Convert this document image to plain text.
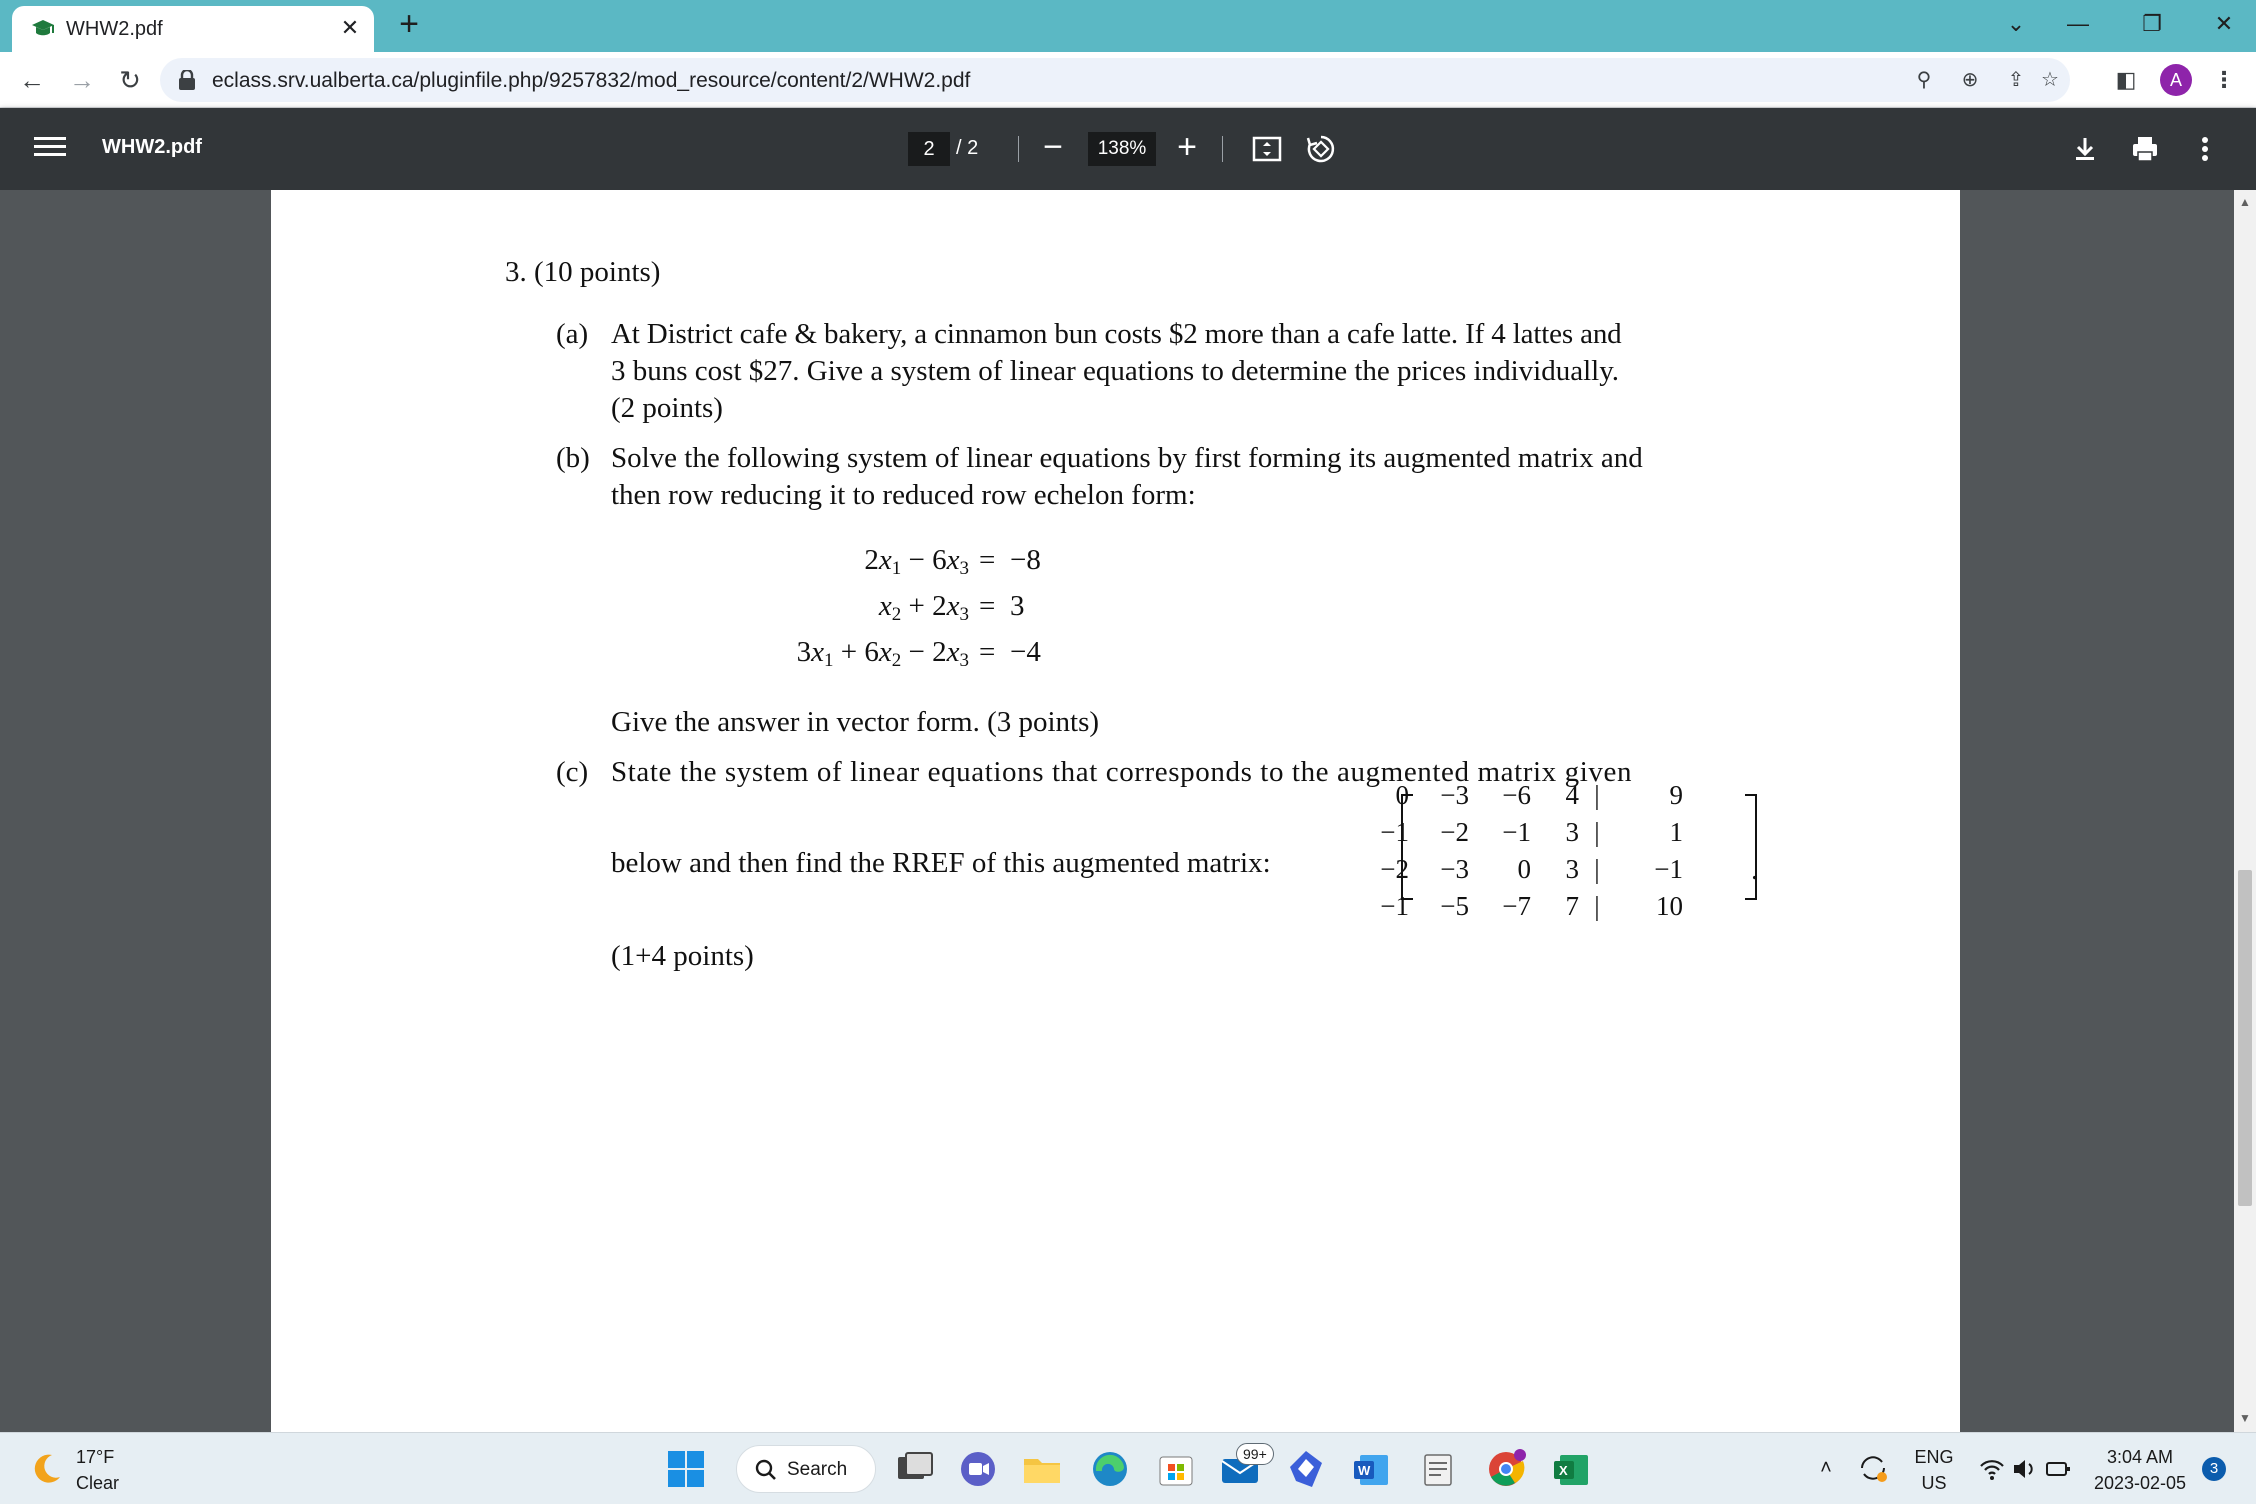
WHW2.pdf	✕ +	⌄	—	❐	✕
← → ↻	eclass.srv.ualberta.ca/pluginfile.php/9257832/mod_resource/content/2/WHW2.pdf	⚲	⊕ ⇪ ☆	◧	A	⋮
WHW2.pdf	2	/ 2 −	138% +
3. (10 points)
(a) At District cafe & bakery, a cinnamon bun costs $2 more than a cafe latte. If 4 lattes and
3 buns cost $27. Give a system of linear equations to determine the prices individually.
(2 points)
(b) Solve the following system of linear equations by first forming its augmented matrix and
then row reducing it to reduced row echelon form:
$2x_1 - 6x_3 = -8$
$x_2 + 2x_3 = 3$
$3x_1 + 6x_2 - 2x_3 = -4$
Give the answer in vector form. (3 points)
(c) State the system of linear equations that corresponds to the augmented matrix given
below and then find the RREF of this augmented matrix:
0	−3	−6	4 |	9
−1	−2	−1	3 |	1
−2	−3	0	3 |	−1
−1	−5	−7	7 |	10
.
(1+4 points)
▲
▼
17°F
Clear
Search
99+
W	X	˄	ENG
US
3:04 AM
2023-02-05
3
